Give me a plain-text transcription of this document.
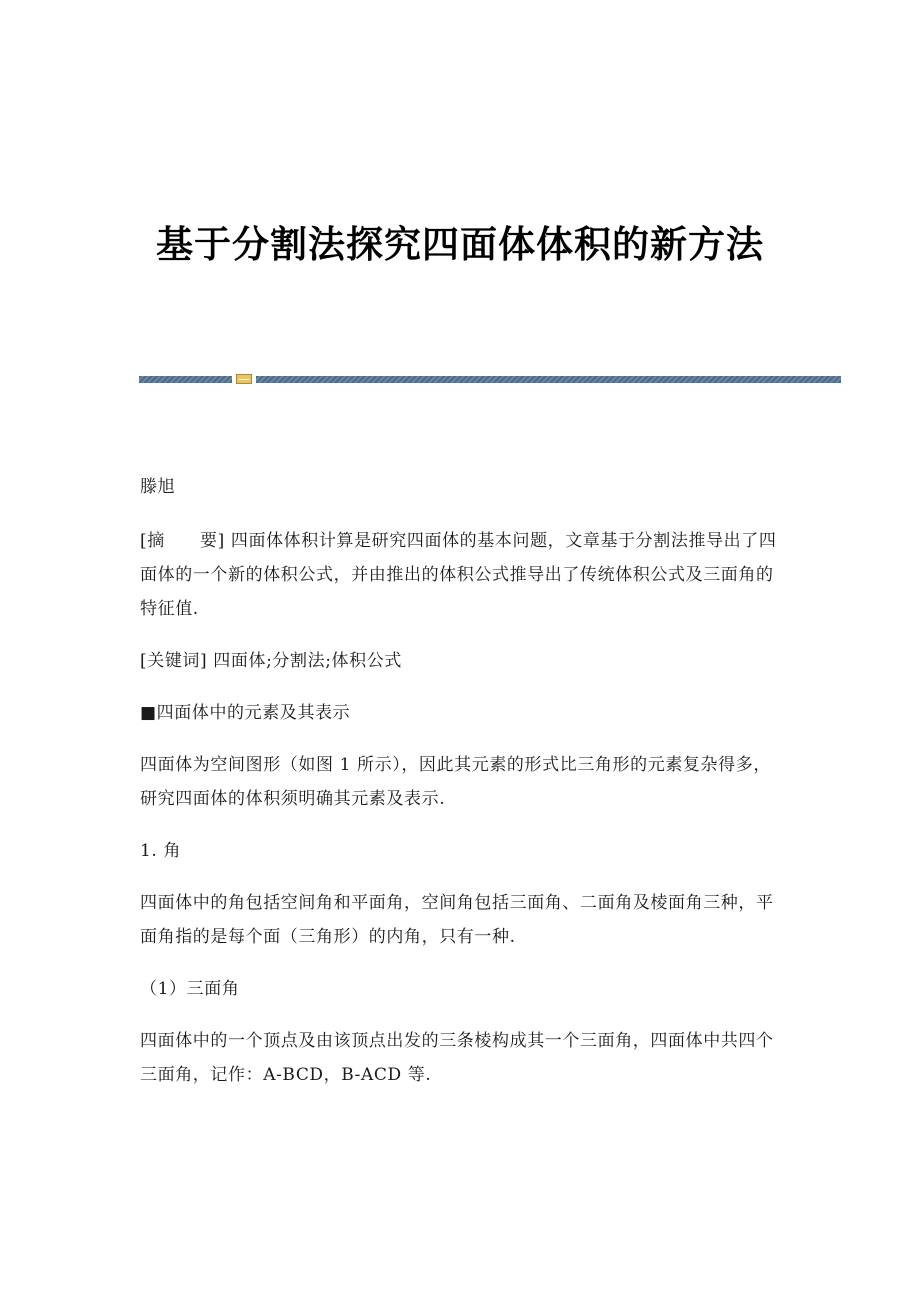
基于分割法探究四面体体积的新方法

滕旭

[摘　　要] 四面体体积计算是研究四面体的基本问题，文章基于分割法推导出了四面体的一个新的体积公式，并由推出的体积公式推导出了传统体积公式及三面角的特征值.

[关键词] 四面体;分割法;体积公式

■四面体中的元素及其表示

四面体为空间图形（如图 1 所示），因此其元素的形式比三角形的元素复杂得多，研究四面体的体积须明确其元素及表示.

1. 角

四面体中的角包括空间角和平面角，空间角包括三面角、二面角及棱面角三种，平面角指的是每个面（三角形）的内角，只有一种.

（1）三面角

四面体中的一个顶点及由该顶点出发的三条棱构成其一个三面角，四面体中共四个三面角，记作：A-BCD，B-ACD 等.
